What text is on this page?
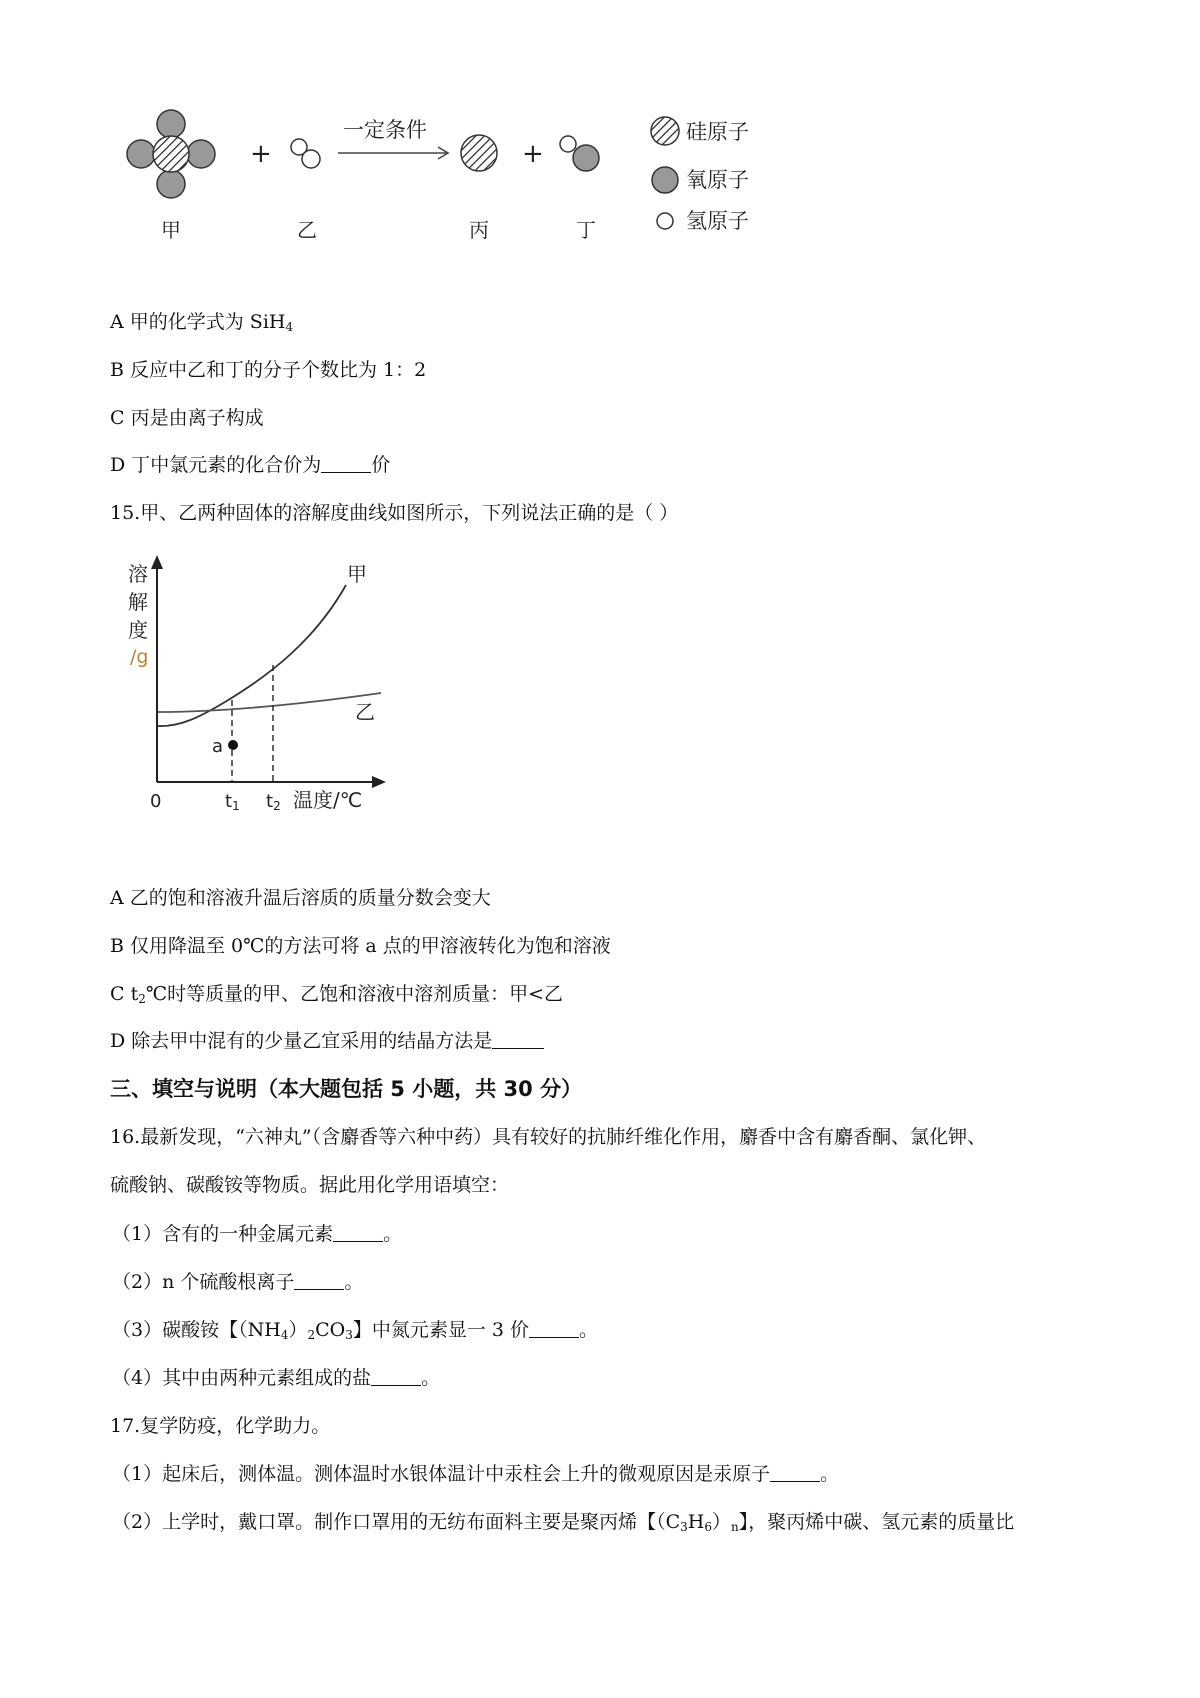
+
一定条件
+
甲	乙	丙	丁
硅原子
氧原子
氢原子
A 甲的化学式为 SiH$_4$
B 反应中乙和丁的分子个数比为 1：2
C 丙是由离子构成
D 丁中氯元素的化合价为	价
15.甲、乙两种固体的溶解度曲线如图所示，下列说法正确的是（ ）
溶
解
度
/g
a
甲
乙
0	t1 t2 温度/℃
A 乙的饱和溶液升温后溶质的质量分数会变大
B 仅用降温至 0℃的方法可将 a 点的甲溶液转化为饱和溶液
C $t_2℃$时等质量的甲、乙饱和溶液中溶剂质量：甲<乙
D 除去甲中混有的少量乙宜采用的结晶方法是
三、填空与说明（本大题包括 5 小题，共 30 分）
16.最新发现，“六神丸”（含麝香等六种中药）具有较好的抗肺纤维化作用，麝香中含有麝香酮、氯化钾、
硫酸钠、碳酸铵等物质。据此用化学用语填空：
（1）含有的一种金属元素	。
（2）n 个硫酸根离子	。
（3）碳酸铵【$(NH_4)_2CO_3$】中氮元素显一 3 价	。
（4）其中由两种元素组成的盐	。
17.复学防疫，化学助力。
（1）起床后，测体温。测体温时水银体温计中汞柱会上升的微观原因是汞原子	。
（2）上学时，戴口罩。制作口罩用的无纺布面料主要是聚丙烯【$(C_3H_6)_n$】，聚丙烯中碳、氢元素的质量比
